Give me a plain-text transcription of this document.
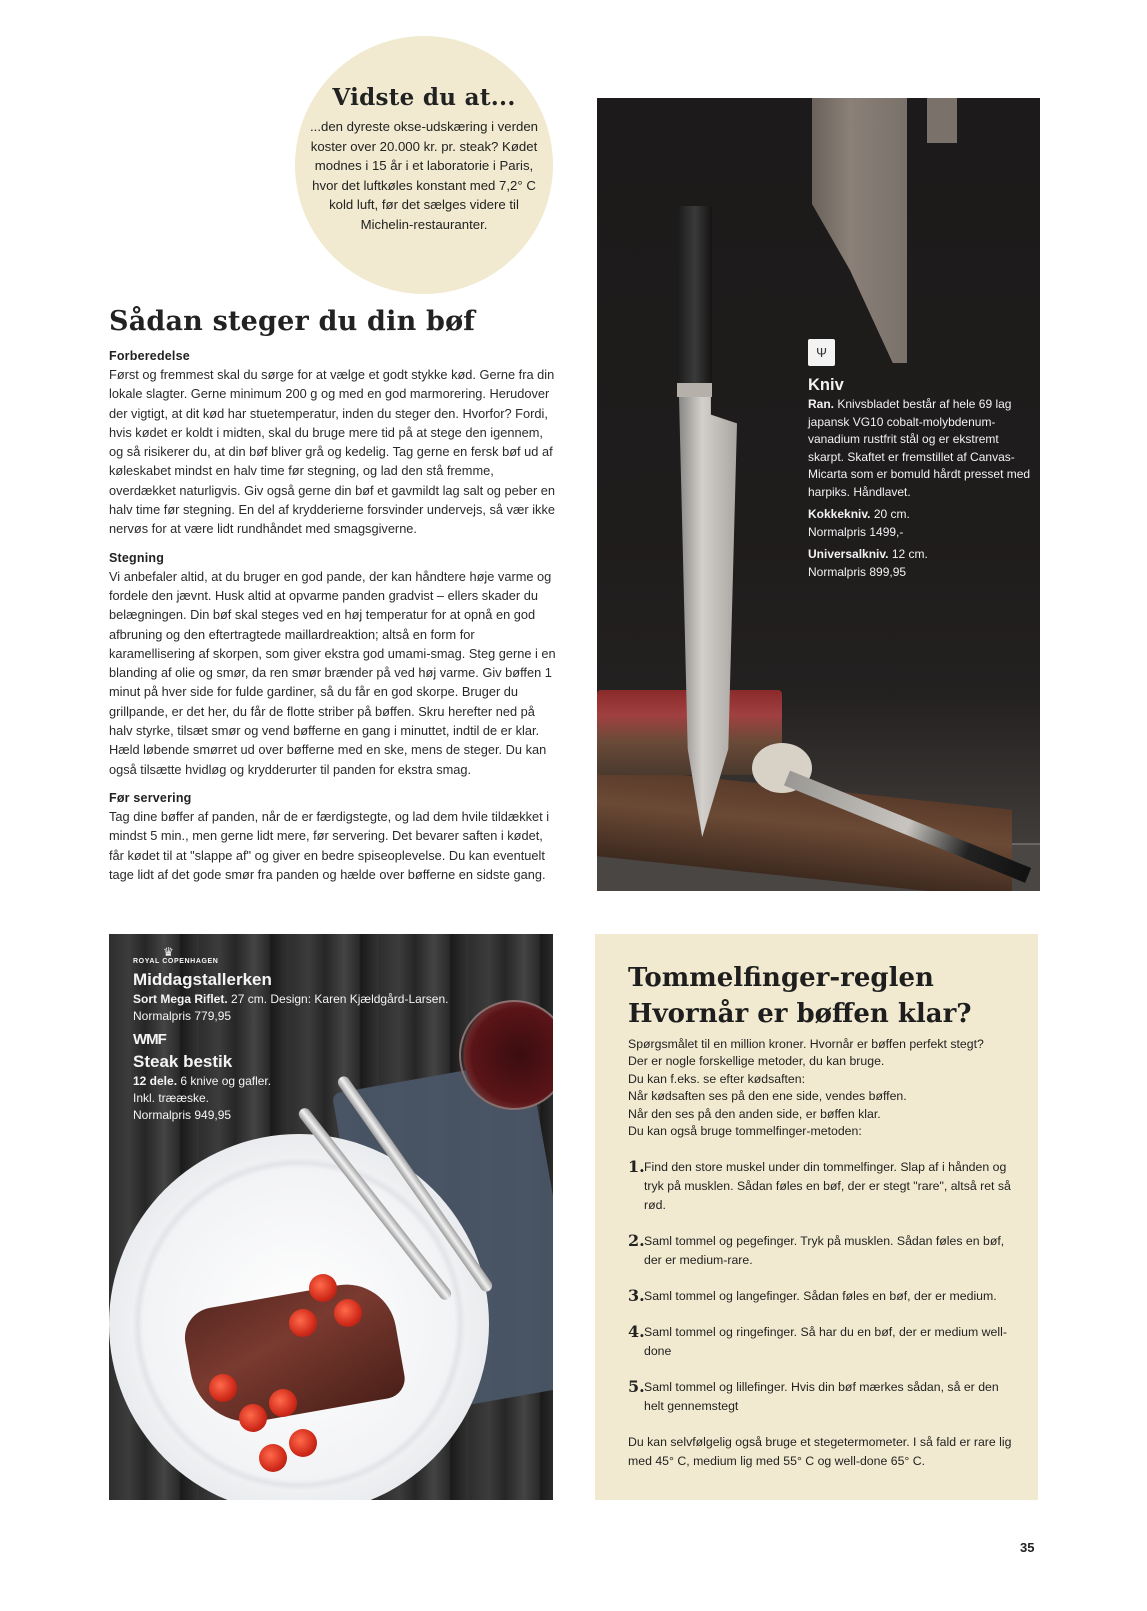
Vidste du at...
...den dyreste okse-udskæring i verden koster over 20.000 kr. pr. steak? Kødet modnes i 15 år i et laboratorie i Paris, hvor det luftkøles konstant med 7,2° C kold luft, før det sælges videre til Michelin-restauranter.
Sådan steger du din bøf
Forberedelse

Først og fremmest skal du sørge for at vælge et godt stykke kød. Gerne fra din lokale slagter. Gerne minimum 200 g og med en god marmorering. Herudover der vigtigt, at dit kød har stuetemperatur, inden du steger den. Hvorfor? Fordi, hvis kødet er koldt i midten, skal du bruge mere tid på at stege den igennem, og så risikerer du, at din bøf bliver grå og kedelig. Tag gerne en fersk bøf ud af køleskabet mindst en halv time før stegning, og lad den stå fremme, overdækket naturligvis. Giv også gerne din bøf et gavmildt lag salt og peber en halv time før stegning. En del af krydderierne forsvinder undervejs, så vær ikke nervøs for at være lidt rundhåndet med smagsgiverne.

Stegning

Vi anbefaler altid, at du bruger en god pande, der kan håndtere høje varme og fordele den jævnt. Husk altid at opvarme panden gradvist – ellers skader du belægningen. Din bøf skal steges ved en høj temperatur for at opnå en god afbruning og den eftertragtede maillardreaktion; altså en form for karamellisering af skorpen, som giver ekstra god umami-smag. Steg gerne i en blanding af olie og smør, da ren smør brænder på ved høj varme. Giv bøffen 1 minut på hver side for fulde gardiner, så du får en god skorpe. Bruger du grillpande, er det her, du får de flotte striber på bøffen. Skru herefter ned på halv styrke, tilsæt smør og vend bøfferne en gang i minuttet, indtil de er klar. Hæld løbende smørret ud over bøfferne med en ske, mens de steger. Du kan også tilsætte hvidløg og krydderurter til panden for ekstra smag.

Før servering

Tag dine bøffer af panden, når de er færdigstegte, og lad dem hvile tildækket i mindst 5 min., men gerne lidt mere, før servering. Det bevarer saften i kødet, får kødet til at "slappe af" og giver en bedre spiseoplevelse. Du kan eventuelt tage lidt af det gode smør fra panden og hælde over bøfferne en sidste gang.

Ψ
Kniv
Ran. Knivsbladet består af hele 69 lag japansk VG10 cobalt-molybdenum-vanadium rustfrit stål og er ekstremt skarpt. Skaftet er fremstillet af Canvas-Micarta som er bomuld hårdt presset med harpiks. Håndlavet.
Kokkekniv. 20 cm.
Normalpris 1499,-
Universalkniv. 12 cm.
Normalpris 899,95
♛
ROYAL COPENHAGEN
Middagstallerken
Sort Mega Riflet. 27 cm. Design: Karen Kjældgård-Larsen.
Normalpris 779,95
WMF
Steak bestik
12 dele. 6 knive og gafler.
Inkl. trææske.
Normalpris 949,95
Tommelfinger-reglen
Hvornår er bøffen klar?
Spørgsmålet til en million kroner. Hvornår er bøffen perfekt stegt?
Der er nogle forskellige metoder, du kan bruge.
Du kan f.eks. se efter kødsaften:
Når kødsaften ses på den ene side, vendes bøffen.
Når den ses på den anden side, er bøffen klar.
Du kan også bruge tommelfinger-metoden:
1. Find den store muskel under din tommelfinger. Slap af i hånden og tryk på musklen. Sådan føles en bøf, der er stegt "rare", altså ret så rød.
2. Saml tommel og pegefinger. Tryk på musklen. Sådan føles en bøf, der er medium-rare.
3. Saml tommel og langefinger. Sådan føles en bøf, der er medium.
4. Saml tommel og ringefinger. Så har du en bøf, der er medium well-done
5. Saml tommel og lillefinger. Hvis din bøf mærkes sådan, så er den helt gennemstegt

Du kan selvfølgelig også bruge et stegetermometer. I så fald er rare lig med 45° C, medium lig med 55° C og well-done 65° C.

35
